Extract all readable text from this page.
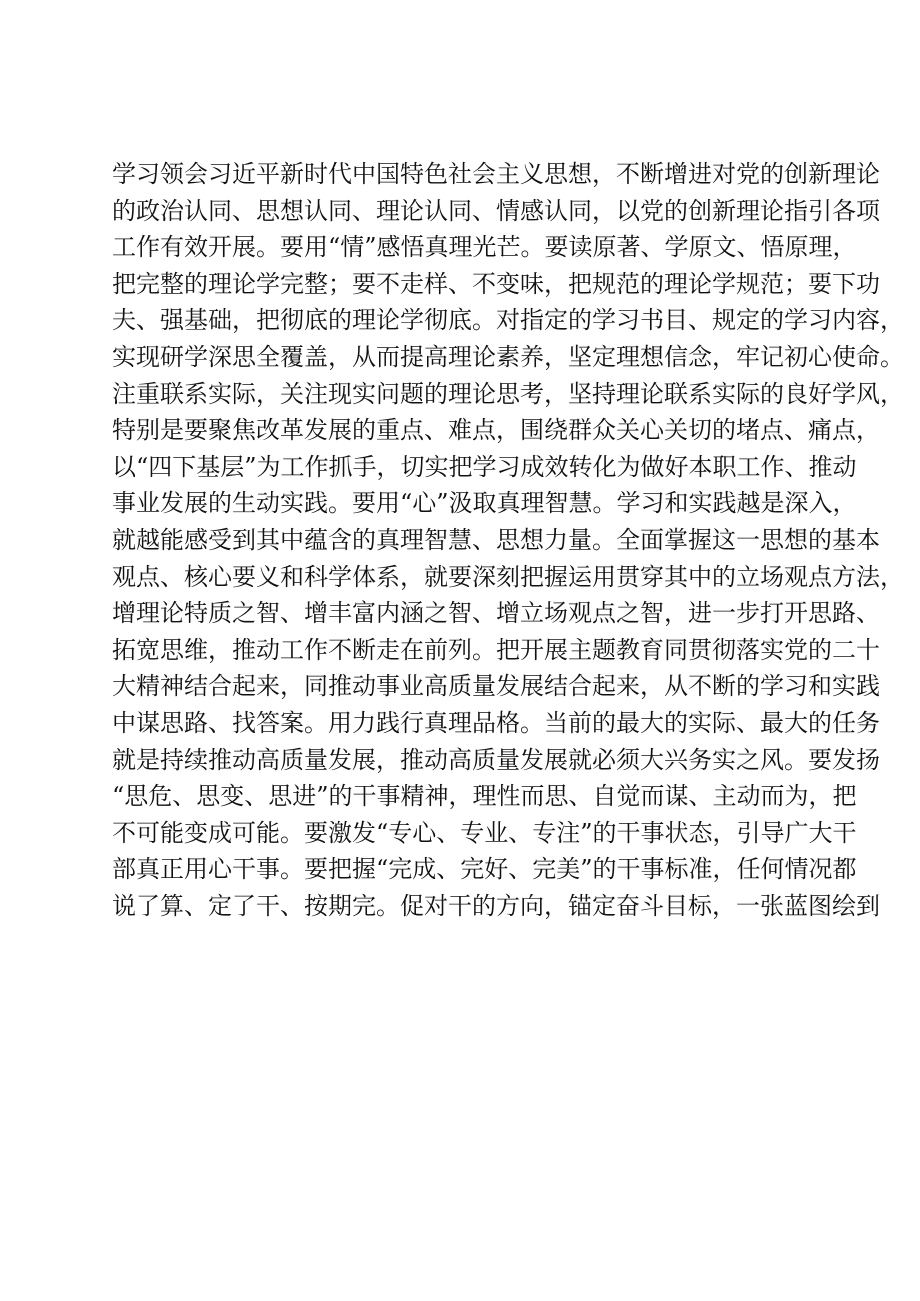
学习领会习近平新时代中国特色社会主义思想，不断增进对党的创新理论
的政治认同、思想认同、理论认同、情感认同，以党的创新理论指引各项
工作有效开展。要用“情”感悟真理光芒。要读原著、学原文、悟原理，
把完整的理论学完整；要不走样、不变味，把规范的理论学规范；要下功
夫、强基础，把彻底的理论学彻底。对指定的学习书目、规定的学习内容，
实现研学深思全覆盖，从而提高理论素养，坚定理想信念，牢记初心使命。
注重联系实际，关注现实问题的理论思考，坚持理论联系实际的良好学风，
特别是要聚焦改革发展的重点、难点，围绕群众关心关切的堵点、痛点，
以“四下基层”为工作抓手，切实把学习成效转化为做好本职工作、推动
事业发展的生动实践。要用“心”汲取真理智慧。学习和实践越是深入，
就越能感受到其中蕴含的真理智慧、思想力量。全面掌握这一思想的基本
观点、核心要义和科学体系，就要深刻把握运用贯穿其中的立场观点方法，
增理论特质之智、增丰富内涵之智、增立场观点之智，进一步打开思路、
拓宽思维，推动工作不断走在前列。把开展主题教育同贯彻落实党的二十
大精神结合起来，同推动事业高质量发展结合起来，从不断的学习和实践
中谋思路、找答案。用力践行真理品格。当前的最大的实际、最大的任务
就是持续推动高质量发展，推动高质量发展就必须大兴务实之风。要发扬
“思危、思变、思进”的干事精神，理性而思、自觉而谋、主动而为，把
不可能变成可能。要激发“专心、专业、专注”的干事状态，引导广大干
部真正用心干事。要把握“完成、完好、完美”的干事标准，任何情况都
说了算、定了干、按期完。促对干的方向，锚定奋斗目标，一张蓝图绘到
